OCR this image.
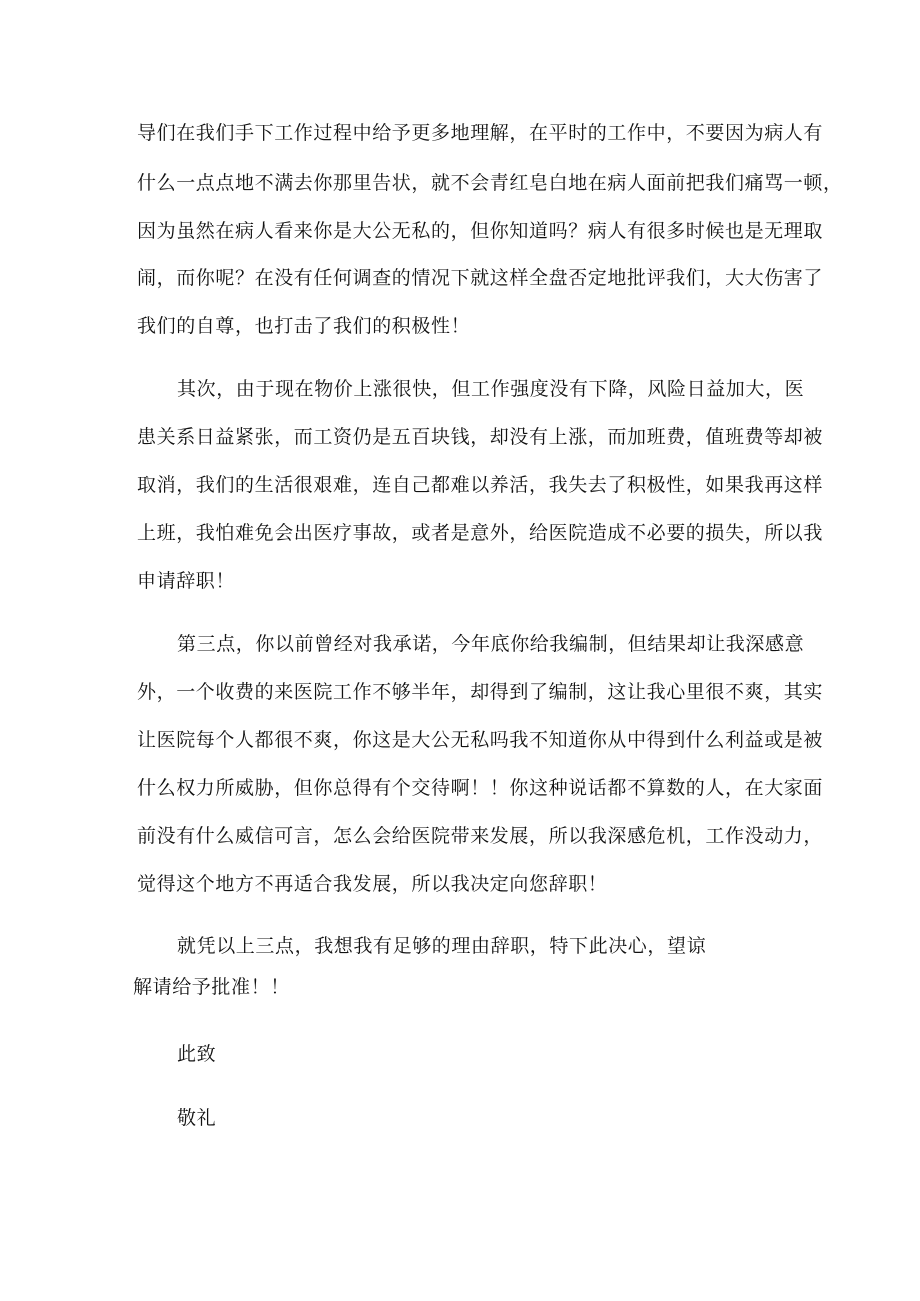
导们在我们手下工作过程中给予更多地理解，在平时的工作中，不要因为病人有
什么一点点地不满去你那里告状，就不会青红皂白地在病人面前把我们痛骂一顿，
因为虽然在病人看来你是大公无私的，但你知道吗？病人有很多时候也是无理取
闹，而你呢？在没有任何调查的情况下就这样全盘否定地批评我们，大大伤害了
我们的自尊，也打击了我们的积极性！
其次，由于现在物价上涨很快，但工作强度没有下降，风险日益加大，医
患关系日益紧张，而工资仍是五百块钱，却没有上涨，而加班费，值班费等却被
取消，我们的生活很艰难，连自己都难以养活，我失去了积极性，如果我再这样
上班，我怕难免会出医疗事故，或者是意外，给医院造成不必要的损失，所以我
申请辞职！
第三点，你以前曾经对我承诺，今年底你给我编制，但结果却让我深感意
外，一个收费的来医院工作不够半年，却得到了编制，这让我心里很不爽，其实
让医院每个人都很不爽，你这是大公无私吗我不知道你从中得到什么利益或是被
什么权力所威胁，但你总得有个交待啊！！你这种说话都不算数的人，在大家面
前没有什么威信可言，怎么会给医院带来发展，所以我深感危机，工作没动力，
觉得这个地方不再适合我发展，所以我决定向您辞职！
就凭以上三点，我想我有足够的理由辞职，特下此决心，望谅
解请给予批准！！
此致
敬礼
